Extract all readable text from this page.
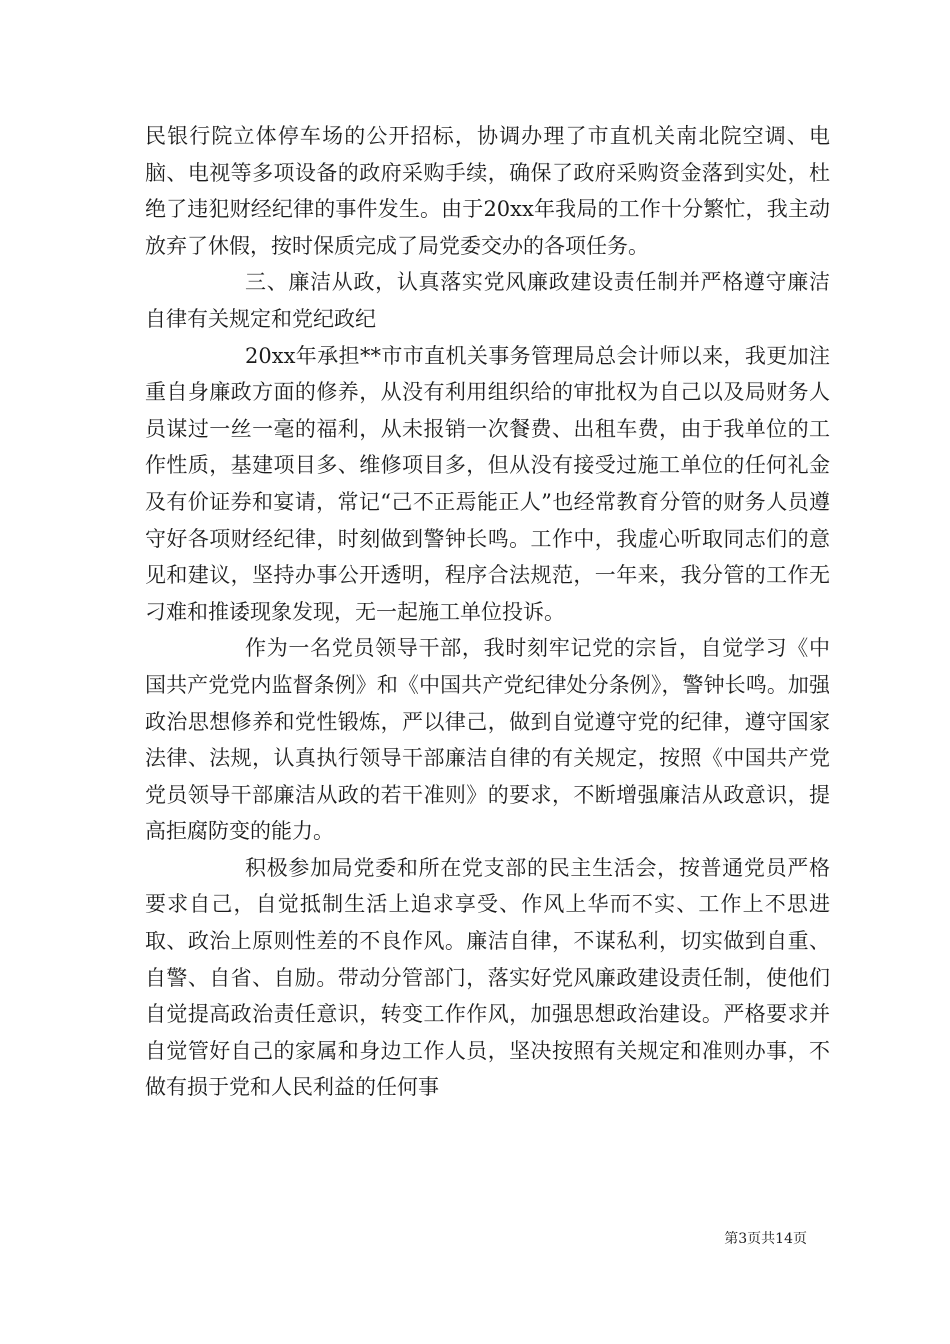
民银行院立体停车场的公开招标，协调办理了市直机关南北院空调、电脑、电视等多项设备的政府采购手续，确保了政府采购资金落到实处，杜绝了违犯财经纪律的事件发生。由于20xx年我局的工作十分繁忙，我主动放弃了休假，按时保质完成了局党委交办的各项任务。

三、廉洁从政，认真落实党风廉政建设责任制并严格遵守廉洁自律有关规定和党纪政纪

20xx年承担**市市直机关事务管理局总会计师以来，我更加注重自身廉政方面的修养，从没有利用组织给的审批权为自己以及局财务人员谋过一丝一毫的福利，从未报销一次餐费、出租车费，由于我单位的工作性质，基建项目多、维修项目多，但从没有接受过施工单位的任何礼金及有价证券和宴请，常记“己不正焉能正人”也经常教育分管的财务人员遵守好各项财经纪律，时刻做到警钟长鸣。工作中，我虚心听取同志们的意见和建议，坚持办事公开透明，程序合法规范，一年来，我分管的工作无刁难和推诿现象发现，无一起施工单位投诉。

作为一名党员领导干部，我时刻牢记党的宗旨，自觉学习《中国共产党党内监督条例》和《中国共产党纪律处分条例》，警钟长鸣。加强政治思想修养和党性锻炼，严以律己，做到自觉遵守党的纪律，遵守国家法律、法规，认真执行领导干部廉洁自律的有关规定，按照《中国共产党党员领导干部廉洁从政的若干准则》的要求，不断增强廉洁从政意识，提高拒腐防变的能力。

积极参加局党委和所在党支部的民主生活会，按普通党员严格要求自己，自觉抵制生活上追求享受、作风上华而不实、工作上不思进取、政治上原则性差的不良作风。廉洁自律，不谋私利，切实做到自重、自警、自省、自励。带动分管部门，落实好党风廉政建设责任制，使他们自觉提高政治责任意识，转变工作作风，加强思想政治建设。严格要求并自觉管好自己的家属和身边工作人员，坚决按照有关规定和准则办事，不做有损于党和人民利益的任何事

第3页共14页
